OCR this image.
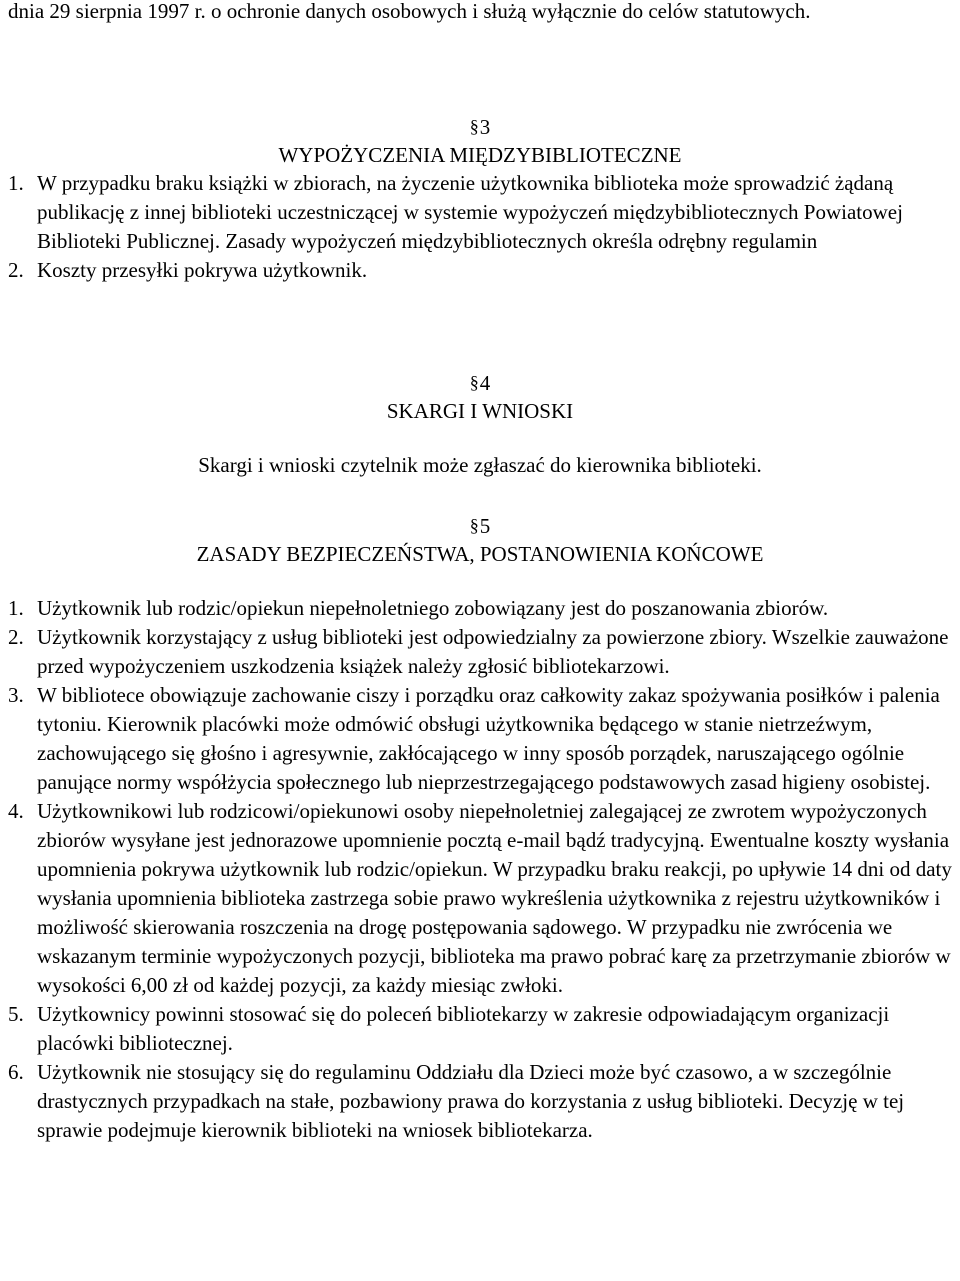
dnia 29 sierpnia 1997 r. o ochronie danych osobowych i służą wyłącznie do celów statutowych.

§3
WYPOŻYCZENIA MIĘDZYBIBLIOTECZNE
1. W przypadku braku książki w zbiorach, na życzenie użytkownika biblioteka może sprowadzić żądaną publikację z innej biblioteki uczestniczącej w systemie wypożyczeń międzybibliotecznych Powiatowej Biblioteki Publicznej. Zasady wypożyczeń międzybibliotecznych określa odrębny regulamin
2. Koszty przesyłki pokrywa użytkownik.
§4
SKARGI I WNIOSKI
Skargi i wnioski czytelnik może zgłaszać do kierownika biblioteki.
§5
ZASADY BEZPIECZEŃSTWA, POSTANOWIENIA KOŃCOWE
1. Użytkownik lub rodzic/opiekun niepełnoletniego zobowiązany jest do poszanowania zbiorów.
2. Użytkownik korzystający z usług biblioteki jest odpowiedzialny za powierzone zbiory. Wszelkie zauważone przed wypożyczeniem uszkodzenia książek należy zgłosić bibliotekarzowi.
3. W bibliotece obowiązuje zachowanie ciszy i porządku oraz całkowity zakaz spożywania posiłków i palenia tytoniu. Kierownik placówki może odmówić obsługi użytkownika będącego w stanie nietrzeźwym, zachowującego się głośno i agresywnie, zakłócającego w inny sposób porządek, naruszającego ogólnie panujące normy współżycia społecznego lub nieprzestrzegającego podstawowych zasad higieny osobistej.
4. Użytkownikowi lub rodzicowi/opiekunowi osoby niepełnoletniej zalegającej ze zwrotem wypożyczonych zbiorów wysyłane jest jednorazowe upomnienie pocztą e-mail bądź tradycyjną. Ewentualne koszty wysłania upomnienia pokrywa użytkownik lub rodzic/opiekun. W przypadku braku reakcji, po upływie 14 dni od daty wysłania upomnienia biblioteka zastrzega sobie prawo wykreślenia użytkownika z rejestru użytkowników i możliwość skierowania roszczenia na drogę postępowania sądowego. W przypadku nie zwrócenia we wskazanym terminie wypożyczonych pozycji, biblioteka ma prawo pobrać karę za przetrzymanie zbiorów w wysokości 6,00 zł od każdej pozycji, za każdy miesiąc zwłoki.
5. Użytkownicy powinni stosować się do poleceń bibliotekarzy w zakresie odpowiadającym organizacji placówki bibliotecznej.
6. Użytkownik nie stosujący się do regulaminu Oddziału dla Dzieci może być czasowo, a w szczególnie drastycznych przypadkach na stałe, pozbawiony prawa do korzystania z usług biblioteki. Decyzję w tej sprawie podejmuje kierownik biblioteki na wniosek bibliotekarza.
